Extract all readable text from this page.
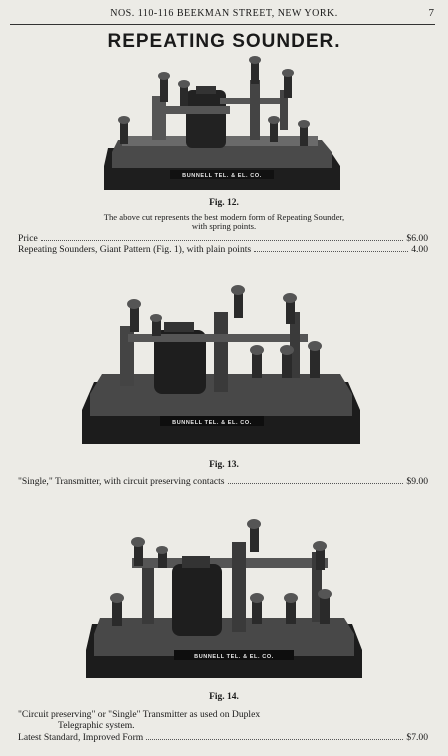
NOS. 110-116 BEEKMAN STREET, NEW YORK.	7
REPEATING SOUNDER.
BUNNELL TEL. & EL. CO.
Fig. 12.
The above cut represents the best modern form of Repeating Sounder,
with spring points.
Price	$6.00
Repeating Sounders, Giant Pattern (Fig. 1), with plain points	4.00
BUNNELL TEL. & EL. CO.
Fig. 13.
"Single," Transmitter, with circuit preserving contacts	$9.00
BUNNELL TEL. & EL. CO.
Fig. 14.
"Circuit preserving" or "Single" Transmitter as used on Duplex
Telegraphic system.
Latest Standard, Improved Form	$7.00
